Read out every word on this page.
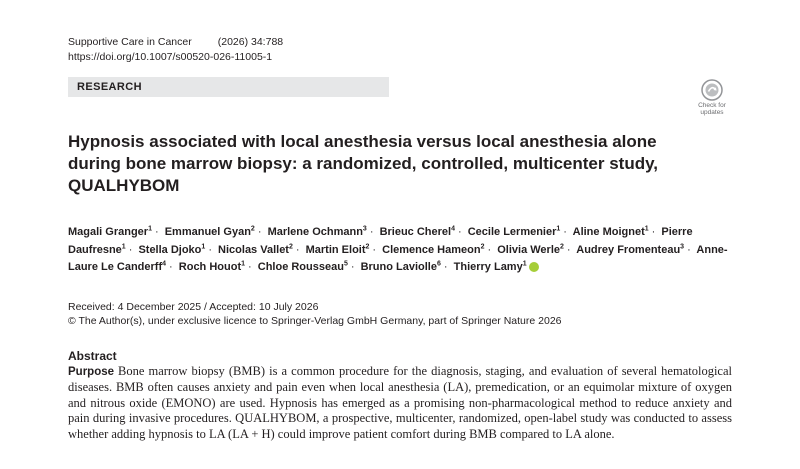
Supportive Care in Cancer (2026) 34:788
https://doi.org/10.1007/s00520-026-11005-1
RESEARCH
Check for
updates
Hypnosis associated with local anesthesia versus local anesthesia alone during bone marrow biopsy: a randomized, controlled, multicenter study, QUALHYBOM
Magali Granger$^1$ · Emmanuel Gyan$^2$ · Marlene Ochmann$^3$ · Brieuc Cherel$^4$ · Cecile Lermenier$^1$ · Aline Moignet$^1$ · Pierre Daufresne$^1$ · Stella Djoko$^1$ · Nicolas Vallet$^2$ · Martin Eloit$^2$ · Clemence Hameon$^2$ · Olivia Werle$^2$ · Audrey Fromenteau$^3$ · Anne-Laure Le Canderff$^4$ · Roch Houot$^1$ · Chloe Rousseau$^5$ · Bruno Laviolle$^6$ · Thierry Lamy$^1$
Received: 4 December 2025 / Accepted: 10 July 2026
© The Author(s), under exclusive licence to Springer-Verlag GmbH Germany, part of Springer Nature 2026
Abstract

Purpose Bone marrow biopsy (BMB) is a common procedure for the diagnosis, staging, and evaluation of several hematological diseases. BMB often causes anxiety and pain even when local anesthesia (LA), premedication, or an equimolar mixture of oxygen and nitrous oxide (EMONO) are used. Hypnosis has emerged as a promising non-pharmacological method to reduce anxiety and pain during invasive procedures. QUALHYBOM, a prospective, multicenter, randomized, open-label study was conducted to assess whether adding hypnosis to LA (LA + H) could improve patient comfort during BMB compared to LA alone.
